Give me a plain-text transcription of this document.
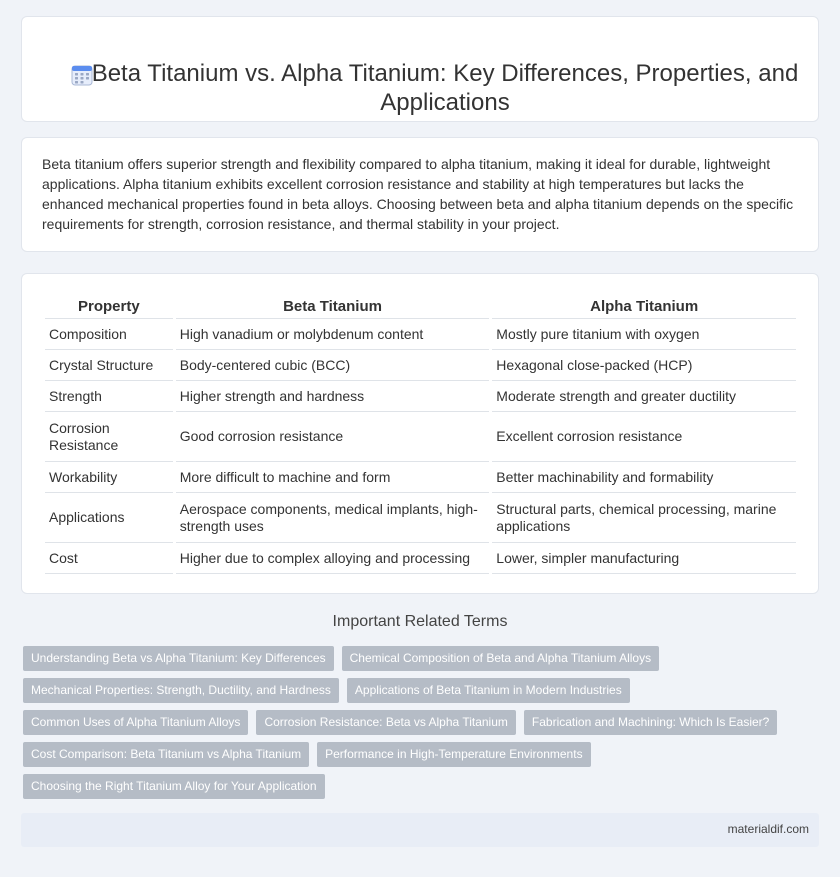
Beta Titanium vs. Alpha Titanium: Key Differences, Properties, and Applications

Beta titanium offers superior strength and flexibility compared to alpha titanium, making it ideal for durable, lightweight applications. Alpha titanium exhibits excellent corrosion resistance and stability at high temperatures but lacks the enhanced mechanical properties found in beta alloys. Choosing between beta and alpha titanium depends on the specific requirements for strength, corrosion resistance, and thermal stability in your project.

Property	Beta Titanium	Alpha Titanium
Composition	High vanadium or molybdenum content	Mostly pure titanium with oxygen
Crystal Structure	Body-centered cubic (BCC)	Hexagonal close-packed (HCP)
Strength	Higher strength and hardness	Moderate strength and greater ductility
Corrosion Resistance	Good corrosion resistance	Excellent corrosion resistance
Workability	More difficult to machine and form	Better machinability and formability
Applications	Aerospace components, medical implants, high-strength uses	Structural parts, chemical processing, marine applications
Cost	Higher due to complex alloying and processing	Lower, simpler manufacturing
Important Related Terms
Understanding Beta vs Alpha Titanium: Key Differences	Chemical Composition of Beta and Alpha Titanium Alloys
Mechanical Properties: Strength, Ductility, and Hardness	Applications of Beta Titanium in Modern Industries
Common Uses of Alpha Titanium Alloys	Corrosion Resistance: Beta vs Alpha Titanium	Fabrication and Machining: Which Is Easier?
Cost Comparison: Beta Titanium vs Alpha Titanium	Performance in High-Temperature Environments
Choosing the Right Titanium Alloy for Your Application
materialdif.com
